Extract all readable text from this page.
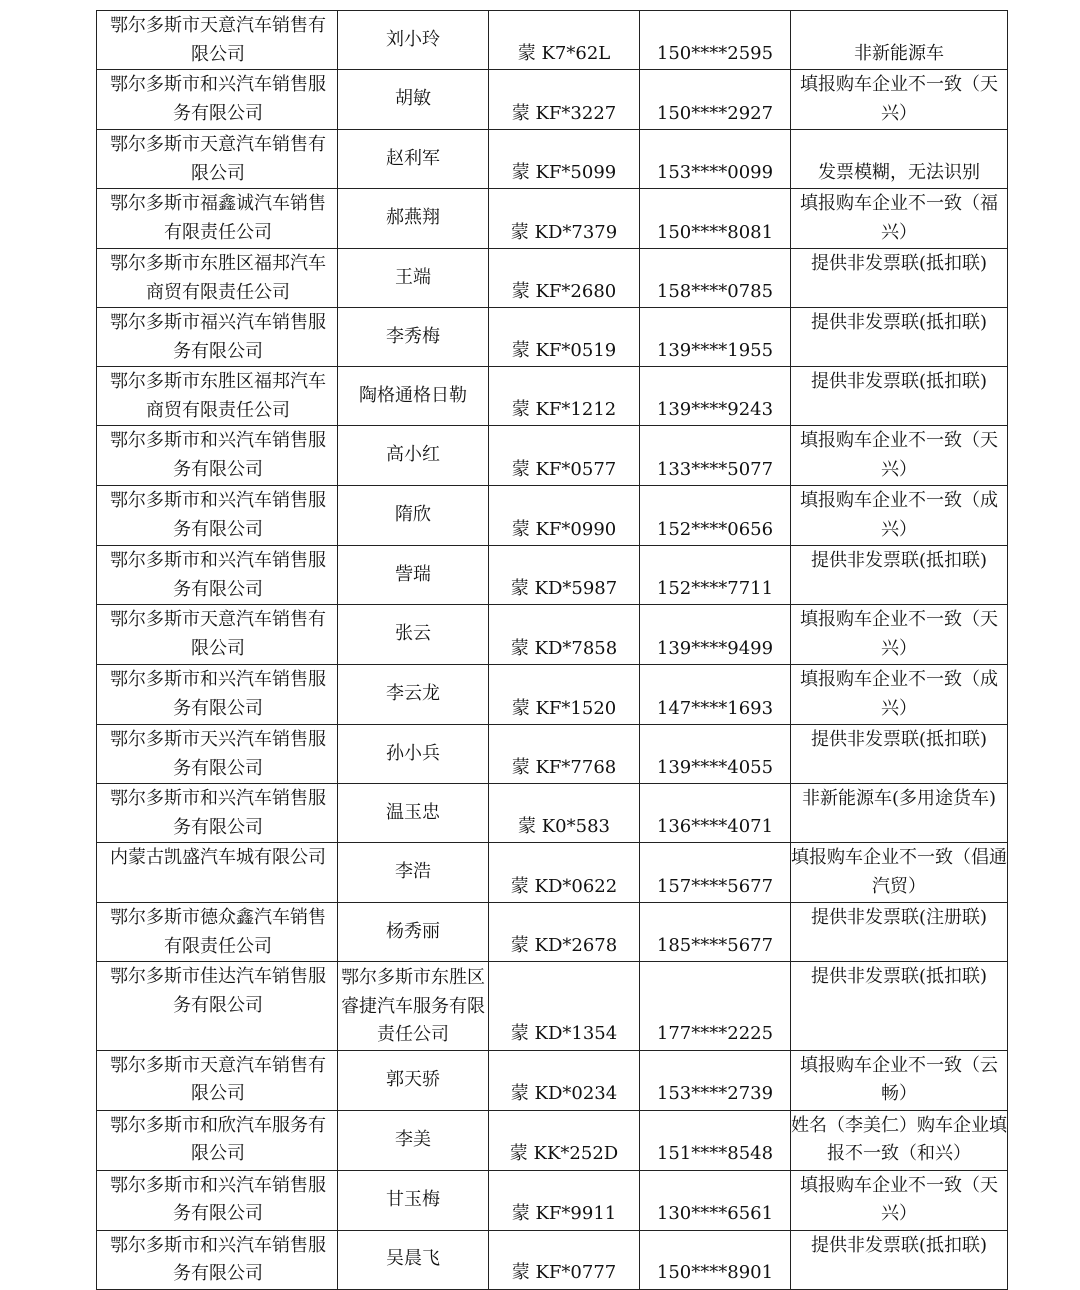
鄂尔多斯市天意汽车销售有限公司	刘小玲	蒙 K7*62L	150****2595	非新能源车
鄂尔多斯市和兴汽车销售服务有限公司	胡敏	蒙 KF*3227	150****2927	填报购车企业不一致（天兴）
鄂尔多斯市天意汽车销售有限公司	赵利军	蒙 KF*5099	153****0099	发票模糊，无法识别
鄂尔多斯市福鑫诚汽车销售有限责任公司	郝燕翔	蒙 KD*7379	150****8081	填报购车企业不一致（福兴）
鄂尔多斯市东胜区福邦汽车商贸有限责任公司	王端	蒙 KF*2680	158****0785	提供非发票联(抵扣联)
鄂尔多斯市福兴汽车销售服务有限公司	李秀梅	蒙 KF*0519	139****1955	提供非发票联(抵扣联)
鄂尔多斯市东胜区福邦汽车商贸有限责任公司	陶格通格日勒	蒙 KF*1212	139****9243	提供非发票联(抵扣联)
鄂尔多斯市和兴汽车销售服务有限公司	高小红	蒙 KF*0577	133****5077	填报购车企业不一致（天兴）
鄂尔多斯市和兴汽车销售服务有限公司	隋欣	蒙 KF*0990	152****0656	填报购车企业不一致（成兴）
鄂尔多斯市和兴汽车销售服务有限公司	訾瑞	蒙 KD*5987	152****7711	提供非发票联(抵扣联)
鄂尔多斯市天意汽车销售有限公司	张云	蒙 KD*7858	139****9499	填报购车企业不一致（天兴）
鄂尔多斯市和兴汽车销售服务有限公司	李云龙	蒙 KF*1520	147****1693	填报购车企业不一致（成兴）
鄂尔多斯市天兴汽车销售服务有限公司	孙小兵	蒙 KF*7768	139****4055	提供非发票联(抵扣联)
鄂尔多斯市和兴汽车销售服务有限公司	温玉忠	蒙 K0*583	136****4071	非新能源车(多用途货车)
内蒙古凯盛汽车城有限公司	李浩	蒙 KD*0622	157****5677	填报购车企业不一致（倡通汽贸）
鄂尔多斯市德众鑫汽车销售有限责任公司	杨秀丽	蒙 KD*2678	185****5677	提供非发票联(注册联)
鄂尔多斯市佳达汽车销售服务有限公司	鄂尔多斯市东胜区睿捷汽车服务有限责任公司	蒙 KD*1354	177****2225	提供非发票联(抵扣联)
鄂尔多斯市天意汽车销售有限公司	郭天骄	蒙 KD*0234	153****2739	填报购车企业不一致（云畅）
鄂尔多斯市和欣汽车服务有限公司	李美	蒙 KK*252D	151****8548	姓名（李美仁）购车企业填报不一致（和兴）
鄂尔多斯市和兴汽车销售服务有限公司	甘玉梅	蒙 KF*9911	130****6561	填报购车企业不一致（天兴）
鄂尔多斯市和兴汽车销售服务有限公司	吴晨飞	蒙 KF*0777	150****8901	提供非发票联(抵扣联)
